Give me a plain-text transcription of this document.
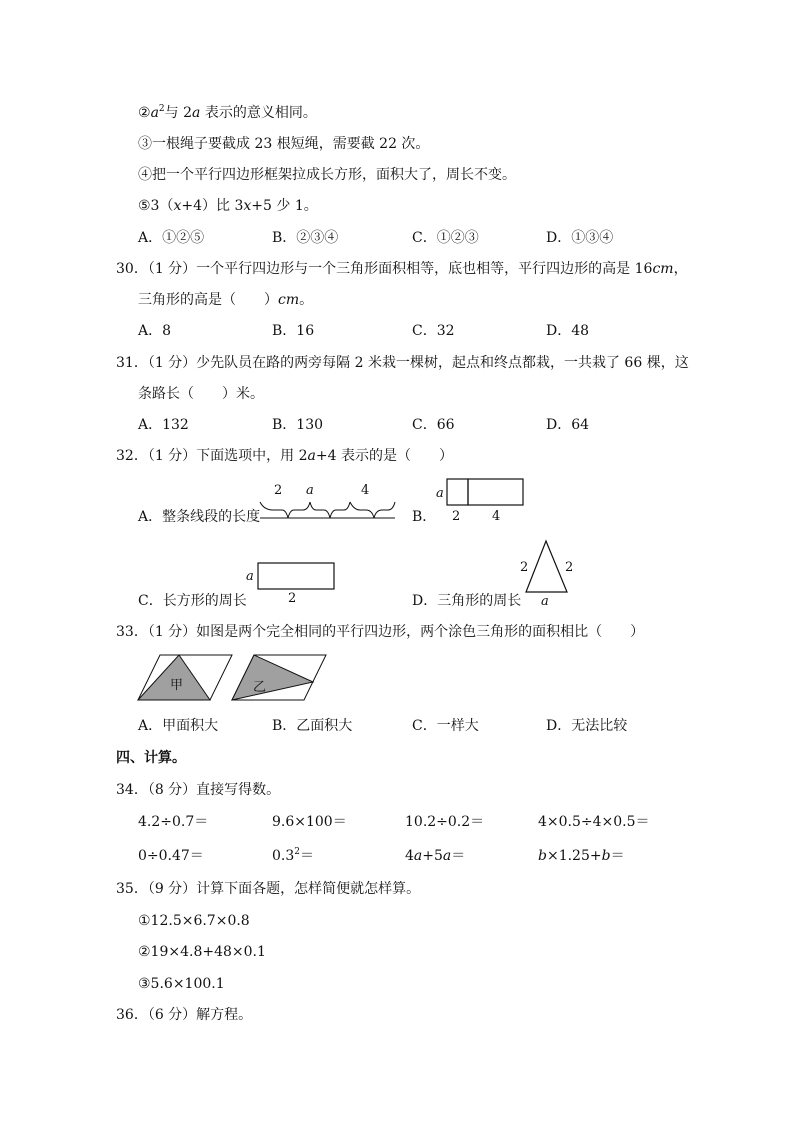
$②a^2$与 2a 表示的意义相同。
③一根绳子要截成 23 根短绳，需要截 22 次。
④把一个平行四边形框架拉成长方形，面积大了，周长不变。
⑤3（x+4）比 3x+5 少 1。
A．①②⑤	B．②③④	C．①②③	D．①③④
30．（1 分）一个平行四边形与一个三角形面积相等，底也相等，平行四边形的高是 16cm，
三角形的高是（　　）cm。
A．8	B．16	C．32	D．48
31．（1 分）少先队员在路的两旁每隔 2 米栽一棵树，起点和终点都栽，一共栽了 66 棵，这
条路长（　　）米。
A．132	B．130	C．66	D．64
32．（1 分）下面选项中，用 2a+4 表示的是（　　）
A．整条线段的长度
2 a	4
B．
a
2 4
a
2
C．长方形的周长
2	2
a
D．三角形的周长
33．（1 分）如图是两个完全相同的平行四边形，两个涂色三角形的面积相比（　　）
甲	乙
A．甲面积大	B．乙面积大	C．一样大	D．无法比较
四、计算。
34．（8 分）直接写得数。
4.2÷0.7＝	9.6×100＝	10.2÷0.2＝	4×0.5÷4×0.5＝
0÷0.47＝	$0.3^2=$	4a+5a＝	b×1.25+b＝
35．（9 分）计算下面各题，怎样简便就怎样算。
①12.5×6.7×0.8
②19×4.8+48×0.1
③5.6×100.1
36．（6 分）解方程。
